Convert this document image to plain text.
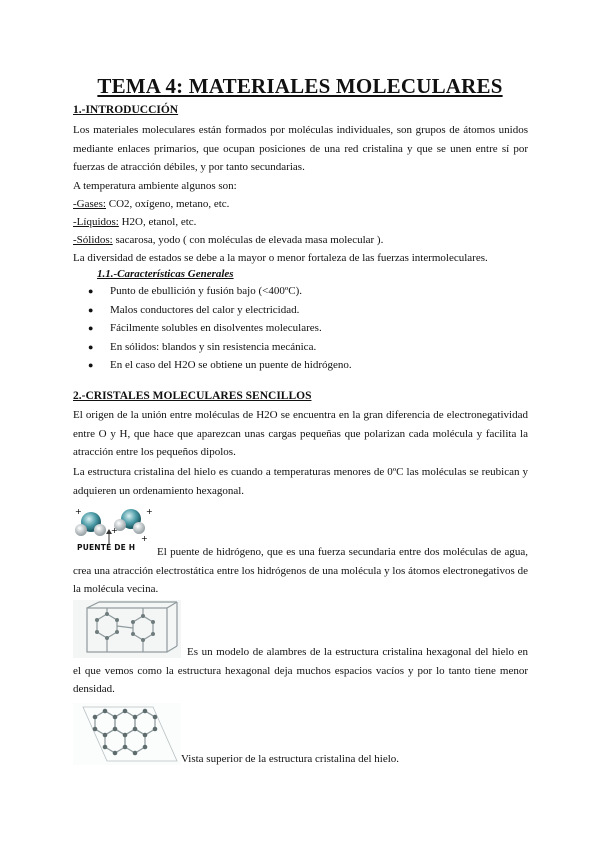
TEMA 4: MATERIALES MOLECULARES
1.-INTRODUCCIÓN
Los materiales moleculares están formados por moléculas individuales, son grupos de átomos unidos mediante enlaces primarios, que ocupan posiciones de una red cristalina y que se unen entre sí por fuerzas de atracción débiles, y por tanto secundarias.
A temperatura ambiente algunos son:
-Gases: CO2, oxígeno, metano, etc.
-Líquidos: H2O, etanol, etc.
-Sólidos: sacarosa, yodo ( con moléculas de elevada masa molecular ).
La diversidad de estados se debe a la mayor o menor fortaleza de las fuerzas intermoleculares.
1.1.-Características Generales
● Punto de ebullición y fusión bajo (<400ºC).
● Malos conductores del calor y electricidad.
● Fácilmente solubles en disolventes moleculares.
● En sólidos: blandos y sin resistencia mecánica.
● En el caso del H2O se obtiene un puente de hidrógeno.
2.-CRISTALES MOLECULARES SENCILLOS
El origen de la unión entre moléculas de H2O se encuentra en la gran diferencia de electronegatividad entre O y H, que hace que aparezcan unas cargas pequeñas que polarizan cada molécula y facilita la atracción entre los pequeños dipolos.
La estructura cristalina del hielo es cuando a temperaturas menores de 0ºC las moléculas se reubican y adquieren un ordenamiento hexagonal.
+	+
+
+
PUENTE DE H	El puente de hidrógeno, que es una fuerza secundaria entre dos moléculas de agua, crea una atracción electrostática entre los hidrógenos de una molécula y los átomos electronegativos de la molécula vecina.
Es un modelo de alambres de la estructura cristalina hexagonal del hielo en el que vemos como la estructura hexagonal deja muchos espacios vacíos y por lo tanto tiene menor densidad.
Vista superior de la estructura cristalina del hielo.
